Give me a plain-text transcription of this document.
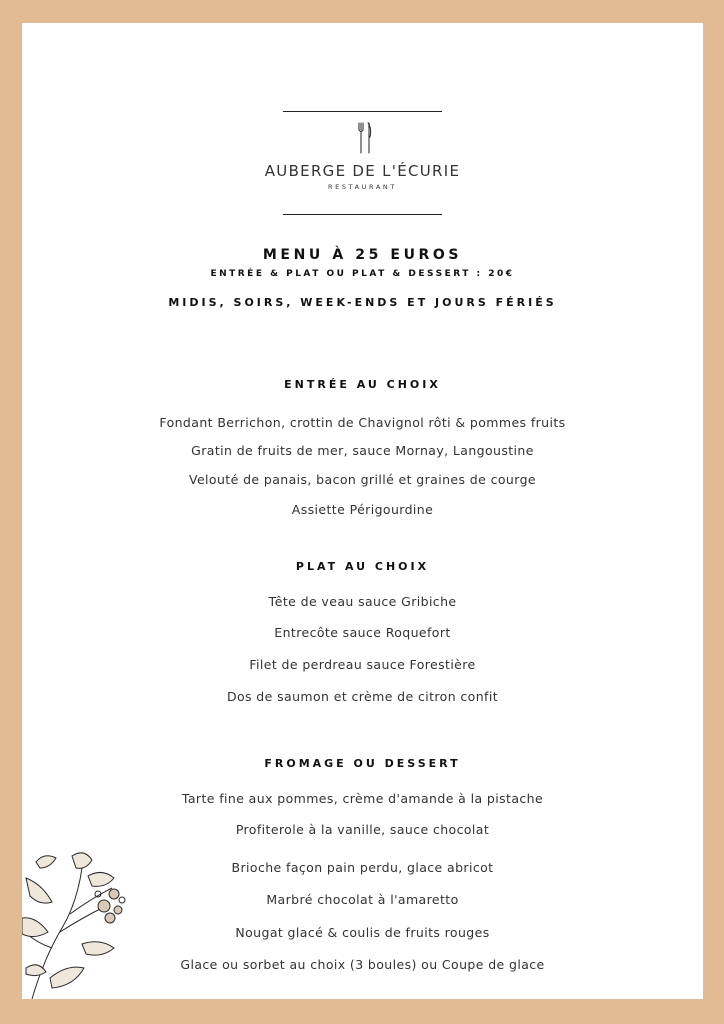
AUBERGE DE L'ÉCURIE
RESTAURANT
MENU À 25 EUROS
ENTRÉE & PLAT OU PLAT & DESSERT : 20€
MIDIS, SOIRS, WEEK-ENDS ET JOURS FÉRIÉS
ENTRÉE AU CHOIX
Fondant Berrichon, crottin de Chavignol rôti & pommes fruits
Gratin de fruits de mer, sauce Mornay, Langoustine
Velouté de panais, bacon grillé et graines de courge
Assiette Périgourdine
PLAT AU CHOIX
Tête de veau sauce Gribiche
Entrecôte sauce Roquefort
Filet de perdreau sauce Forestière
Dos de saumon et crème de citron confit
FROMAGE OU DESSERT
Tarte fine aux pommes, crème d'amande à la pistache
Profiterole à la vanille, sauce chocolat
Brioche façon pain perdu, glace abricot
Marbré chocolat à l'amaretto
Nougat glacé & coulis de fruits rouges
Glace ou sorbet au choix (3 boules) ou Coupe de glace
